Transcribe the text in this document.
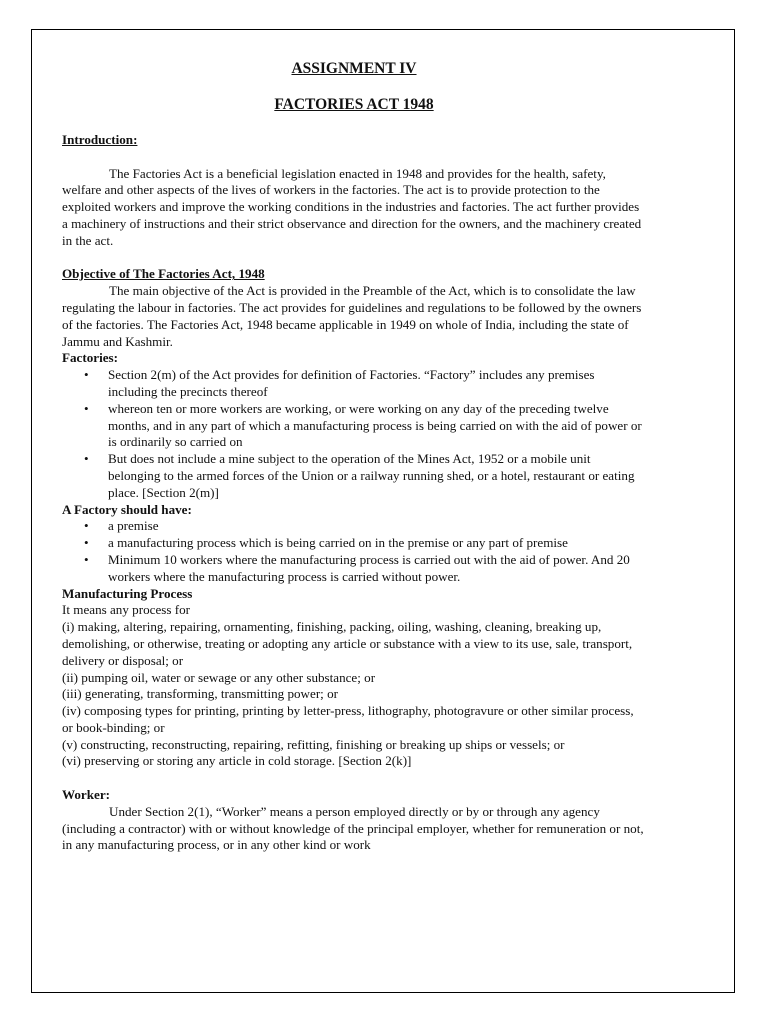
ASSIGNMENT IV
FACTORIES ACT 1948

Introduction:

The Factories Act is a beneficial legislation enacted in 1948 and provides for the health, safety, welfare and other aspects of the lives of workers in the factories. The act is to provide protection to the exploited workers and improve the working conditions in the industries and factories. The act further provides a machinery of instructions and their strict observance and direction for the owners, and the machinery created in the act.

Objective of The Factories Act, 1948

The main objective of the Act is provided in the Preamble of the Act, which is to consolidate the law regulating the labour in factories. The act provides for guidelines and regulations to be followed by the owners of the factories. The Factories Act, 1948 became applicable in 1949 on whole of India, including the state of Jammu and Kashmir.

Factories:

• Section 2(m) of the Act provides for definition of Factories. “Factory” includes any premises including the precincts thereof
• whereon ten or more workers are working, or were working on any day of the preceding twelve months, and in any part of which a manufacturing process is being carried on with the aid of power or is ordinarily so carried on
• But does not include a mine subject to the operation of the Mines Act, 1952 or a mobile unit belonging to the armed forces of the Union or a railway running shed, or a hotel, restaurant or eating place. [Section 2(m)]

A Factory should have:

• a premise
• a manufacturing process which is being carried on in the premise or any part of premise
• Minimum 10 workers where the manufacturing process is carried out with the aid of power. And 20 workers where the manufacturing process is carried without power.

Manufacturing Process

It means any process for

(i) making, altering, repairing, ornamenting, finishing, packing, oiling, washing, cleaning, breaking up, demolishing, or otherwise, treating or adopting any article or substance with a view to its use, sale, transport, delivery or disposal; or

(ii) pumping oil, water or sewage or any other substance; or

(iii) generating, transforming, transmitting power; or

(iv) composing types for printing, printing by letter-press, lithography, photogravure or other similar process, or book-binding; or

(v) constructing, reconstructing, repairing, refitting, finishing or breaking up ships or vessels; or

(vi) preserving or storing any article in cold storage. [Section 2(k)]

Worker:

Under Section 2(1), “Worker” means a person employed directly or by or through any agency (including a contractor) with or without knowledge of the principal employer, whether for remuneration or not, in any manufacturing process, or in any other kind or work
